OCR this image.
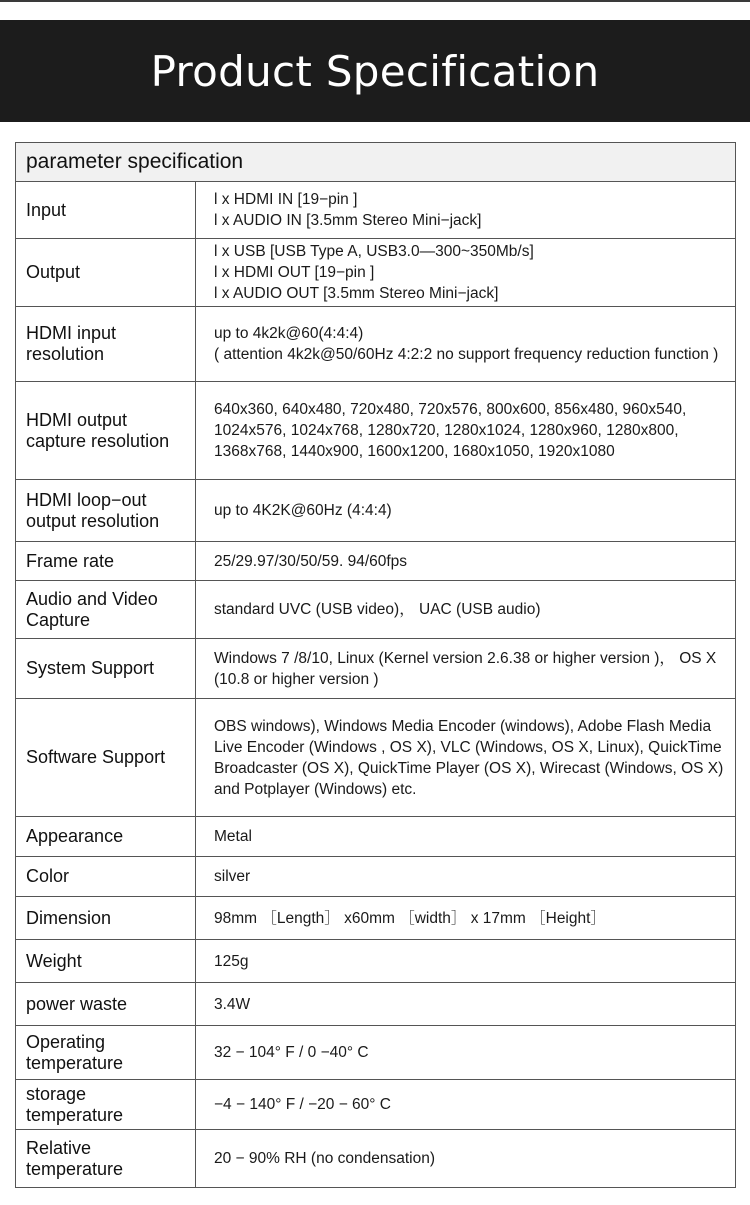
Product Specification
parameter specification	
Input	l x HDMI IN [19−pin ]
l x AUDIO IN [3.5mm Stereo Mini−jack]

Output	l x USB [USB Type A, USB3.0—300~350Mb/s]
l x HDMI OUT [19−pin ]
l x AUDIO OUT [3.5mm Stereo Mini−jack]

HDMI input resolution	up to 4k2k@60(4:4:4)
( attention 4k2k@50/60Hz 4:2:2 no support frequency reduction function )

HDMI output capture resolution	640x360, 640x480, 720x480, 720x576, 800x600, 856x480, 960x540, 1024x576, 1024x768, 1280x720, 1280x1024, 1280x960, 1280x800, 1368x768, 1440x900, 1600x1200, 1680x1050, 1920x1080

HDMI loop−out output resolution	up to 4K2K@60Hz (4:4:4)

Frame rate	25/29.97/30/50/59. 94/60fps

Audio and Video Capture	standard UVC (USB video)， UAC (USB audio)

System Support	Windows 7 /8/10, Linux (Kernel version 2.6.38 or higher version )， OS X (10.8 or higher version )

Software Support	OBS windows), Windows Media Encoder (windows), Adobe Flash Media Live Encoder (Windows , OS X), VLC (Windows, OS X, Linux), QuickTime Broadcaster (OS X), QuickTime Player (OS X), Wirecast (Windows, OS X) and Potplayer (Windows) etc.

Appearance	Metal

Color	silver

Dimension	98mm ［Length］ x60mm ［width］ x 17mm ［Height］

Weight	125g

power waste	3.4W

Operating temperature	32 − 104° F / 0 −40° C

storage temperature	−4 − 140° F / −20 − 60° C

Relative temperature	20 − 90% RH (no condensation)
